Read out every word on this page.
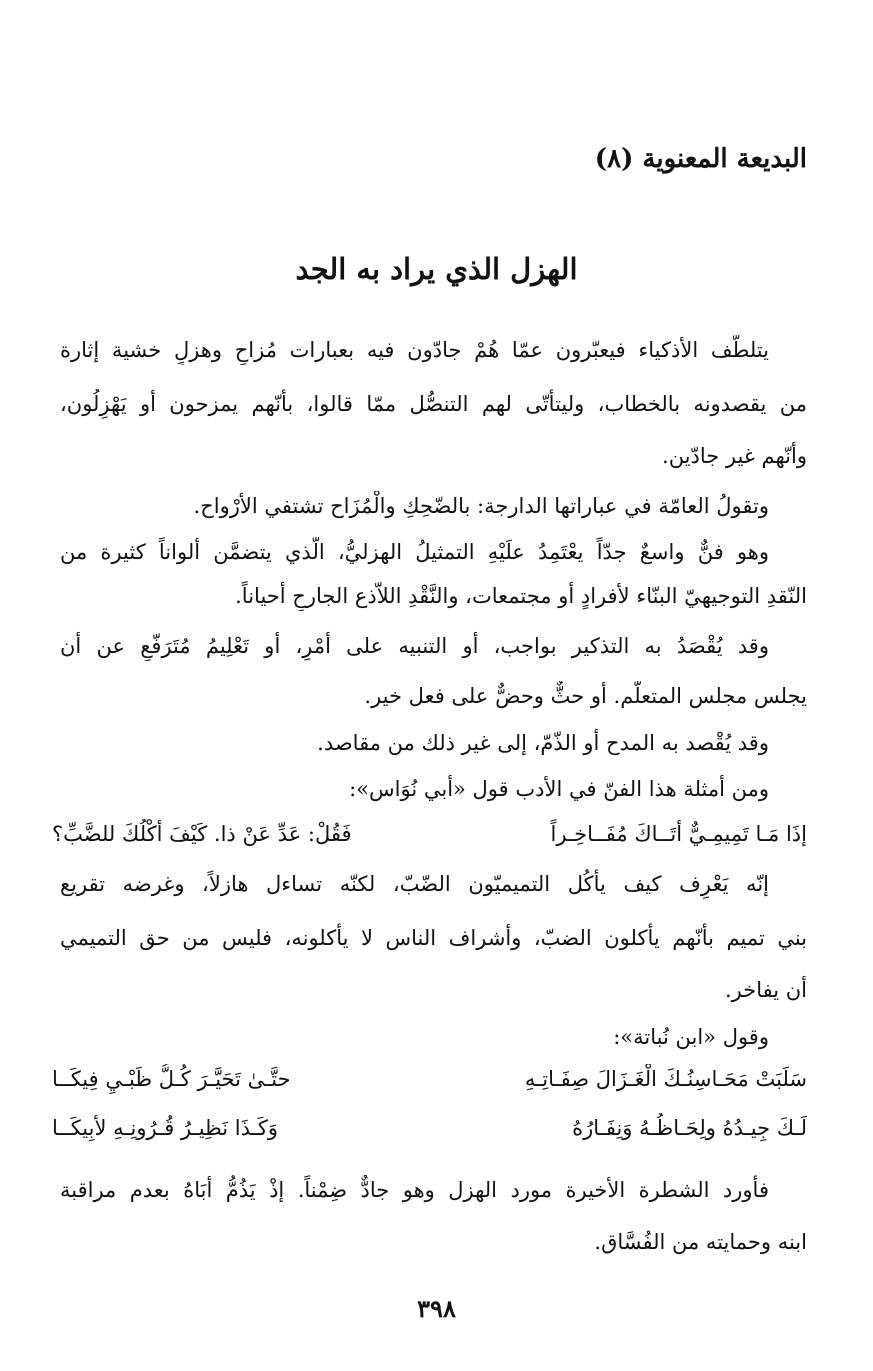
البديعة المعنوية (٨)
الهزل الذي يراد به الجد
يتلطّف الأذكياء فيعبّرون عمّا هُمْ جادّون فيه بعبارات مُزاحٍ وهزلٍ خشية إثارة
من يقصدونه بالخطاب، وليتأتّى لهم التنصُّل ممّا قالوا، بأنّهم يمزحون أو يَهْزِلُون،
وأنّهم غير جادّين.
وتقولُ العامّة في عباراتها الدارجة: بالضّحِكِ والْمُزَاح تشتفي الأرْواح.
وهو فنٌّ واسعٌ جدّاً يعْتَمِدُ علَيْهِ التمثيلُ الهزليُّ، الّذي يتضمَّن ألواناً كثيرة من
النّقدِ التوجيهيّ البنّاء لأفرادٍ أو مجتمعات، والنَّقْدِ اللاّذع الجارحِ أحياناً.
وقد يُقْصَدُ به التذكير بواجب، أو التنبيه على أمْرٍ، أو تَعْلِيمُ مُتَرَفّعٍ عن أن
يجلس مجلس المتعلّم. أو حثٌّ وحضٌّ على فعل خير.
وقد يُقْصد به المدح أو الذّمّ، إلى غير ذلك من مقاصد.
ومن أمثلة هذا الفنّ في الأدب قول «أبي نُوَاس»:
إذَا مَـا تَمِيمِـيٌّ أتَــاكَ مُفَــاخِـراً
فَقُلْ: عَدِّ عَنْ ذا. كَيْفَ أكْلُكَ للضَّبِّ؟
إنّه يَعْرِف كيف يأكُل التميميّون الضّبّ، لكنّه تساءل هازلاً، وغرضه تقريع
بني تميم بأنّهم يأكلون الضبّ، وأشراف الناس لا يأكلونه، فليس من حق التميمي
أن يفاخر.
وقول «ابن نُباتة»:
سَلَبَتْ مَحَـاسِنُـكَ الْغَـزَالَ صِفَـاتِـهِ
حتَّـىٰ تَحَيَّـرَ كُـلُّ ظَبْـيٍ فِيكَــا
لَـكَ جِيـدُهُ ولِحَـاظُـهُ وَنِفَـارُهُ
وَكَـذَا نَظِيـرُ قُـرُونِـهِ لأبِيكَــا
فأورد الشطرة الأخيرة مورد الهزل وهو جادٌّ ضِمْناً. إذْ يَذُمُّ أبَاهُ بعدم مراقبة
ابنه وحمايته من الفُسَّاق.
٣٩٨
